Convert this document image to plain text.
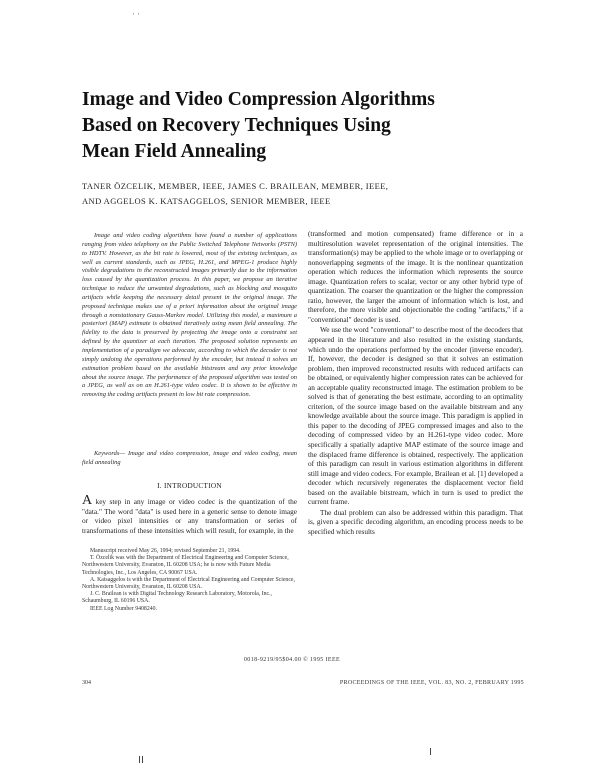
' '
Image and Video Compression Algorithms
Based on Recovery Techniques Using
Mean Field Annealing
TANER ÖZCELIK, MEMBER, IEEE, JAMES C. BRAILEAN, MEMBER, IEEE,
AND AGGELOS K. KATSAGGELOS, SENIOR MEMBER, IEEE

Image and video coding algorithms have found a number of applications ranging from video telephony on the Public Switched Telephone Networks (PSTN) to HDTV. However, as the bit rate is lowered, most of the existing techniques, as well as current standards, such as JPEG, H.261, and MPEG-1 produce highly visible degradations in the reconstructed images primarily due to the information loss caused by the quantization process. In this paper, we propose an iterative technique to reduce the unwanted degradations, such as blocking and mosquito artifacts while keeping the necessary detail present in the original image. The proposed technique makes use of a priori information about the original image through a nonstationary Gauss-Markov model. Utilizing this model, a maximum a posteriori (MAP) estimate is obtained iteratively using mean field annealing. The fidelity to the data is preserved by projecting the image onto a constraint set defined by the quantizer at each iteration. The proposed solution represents an implementation of a paradigm we advocate, according to which the decoder is not simply undoing the operations performed by the encoder, but instead it solves an estimation problem based on the available bitstream and any prior knowledge about the source image. The performance of the proposed algorithm was tested on a JPEG, as well as on an H.261-type video codec. It is shown to be effective in removing the coding artifacts present in low bit rate compression.

Keywords— Image and video compression, image and video coding, mean field annealing

I. INTRODUCTION

A key step in any image or video codec is the quantization of the "data." The word "data" is used here in a generic sense to denote image or video pixel intensities or any transformation or series of transformations of these intensities which will result, for example, in the

Manuscript received May 26, 1994; revised September 21, 1994.

T. Özcelik was with the Department of Electrical Engineering and Computer Science, Northwestern University, Evanston, IL 60208 USA; he is now with Future Media Technologies, Inc., Los Angeles, CA 90067 USA.

A. Katsaggelos is with the Department of Electrical Engineering and Computer Science, Northwestern University, Evanston, IL 60208 USA.

J. C. Brailean is with Digital Technology Research Laboratory, Motorola, Inc., Schaumburg, IL 60196 USA.

IEEE Log Number 9408240.

(transformed and motion compensated) frame difference or in a multiresolution wavelet representation of the original intensities. The transformation(s) may be applied to the whole image or to overlapping or nonoverlapping segments of the image. It is the nonlinear quantization operation which reduces the information which represents the source image. Quantization refers to scalar, vector or any other hybrid type of quantization. The coarser the quantization or the higher the compression ratio, however, the larger the amount of information which is lost, and therefore, the more visible and objectionable the coding "artifacts," if a "conventional" decoder is used.

We use the word "conventional" to describe most of the decoders that appeared in the literature and also resulted in the existing standards, which undo the operations performed by the encoder (inverse encoder). If, however, the decoder is designed so that it solves an estimation problem, then improved reconstructed results with reduced artifacts can be obtained, or equivalently higher compression rates can be achieved for an acceptable quality reconstructed image. The estimation problem to be solved is that of generating the best estimate, according to an optimality criterion, of the source image based on the available bitstream and any knowledge available about the source image. This paradigm is applied in this paper to the decoding of JPEG compressed images and also to the decoding of compressed video by an H.261-type video codec. More specifically a spatially adaptive MAP estimate of the source image and the displaced frame difference is obtained, respectively. The application of this paradigm can result in various estimation algorithms in different still image and video codecs. For example, Brailean et al. [1] developed a decoder which recursively regenerates the displacement vector field based on the available bitstream, which in turn is used to predict the current frame.

The dual problem can also be addressed within this paradigm. That is, given a specific decoding algorithm, an encoding process needs to be specified which results

0018-9219/95$04.00 © 1995 IEEE
304	PROCEEDINGS OF THE IEEE, VOL. 83, NO. 2, FEBRUARY 1995
